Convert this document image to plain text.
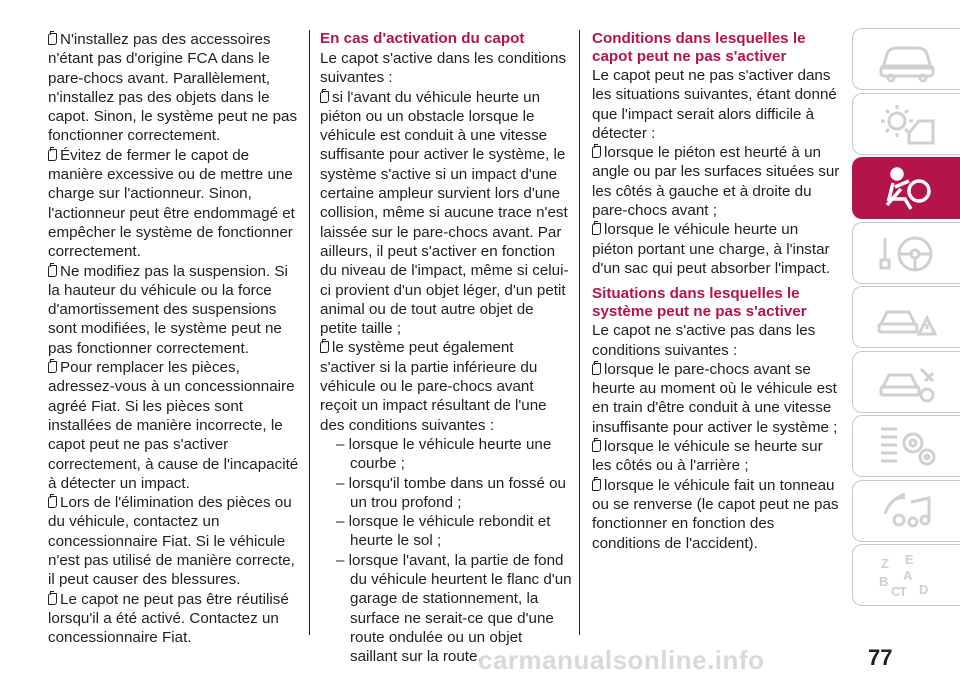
N'installez pas des accessoires n'étant pas d'origine FCA dans le pare-chocs avant. Parallèlement, n'installez pas des objets dans le capot. Sinon, le système peut ne pas fonctionner correctement.

Évitez de fermer le capot de manière excessive ou de mettre une charge sur l'actionneur. Sinon, l'actionneur peut être endommagé et empêcher le système de fonctionner correctement.

Ne modifiez pas la suspension. Si la hauteur du véhicule ou la force d'amortissement des suspensions sont modifiées, le système peut ne pas fonctionner correctement.

Pour remplacer les pièces, adressez-vous à un concessionnaire agréé Fiat. Si les pièces sont installées de manière incorrecte, le capot peut ne pas s'activer correctement, à cause de l'incapacité à détecter un impact.

Lors de l'élimination des pièces ou du véhicule, contactez un concessionnaire Fiat. Si le véhicule n'est pas utilisé de manière correcte, il peut causer des blessures.

Le capot ne peut pas être réutilisé lorsqu'il a été activé. Contactez un concessionnaire Fiat.

En cas d'activation du capot

Le capot s'active dans les conditions suivantes :

si l'avant du véhicule heurte un piéton ou un obstacle lorsque le véhicule est conduit à une vitesse suffisante pour activer le système, le système s'active si un impact d'une certaine ampleur survient lors d'une collision, même si aucune trace n'est laissée sur le pare-chocs avant. Par ailleurs, il peut s'activer en fonction du niveau de l'impact, même si celui-ci provient d'un objet léger, d'un petit animal ou de tout autre objet de petite taille ;

le système peut également s'activer si la partie inférieure du véhicule ou le pare-chocs avant reçoit un impact résultant de l'une des conditions suivantes :

– lorsque le véhicule heurte une courbe ;

– lorsqu'il tombe dans un fossé ou un trou profond ;

– lorsque le véhicule rebondit et heurte le sol ;

– lorsque l'avant, la partie de fond du véhicule heurtent le flanc d'un garage de stationnement, la surface ne serait-ce que d'une route ondulée ou un objet saillant sur la route.

Conditions dans lesquelles le capot peut ne pas s'activer

Le capot peut ne pas s'activer dans les situations suivantes, étant donné que l'impact serait alors difficile à détecter :

lorsque le piéton est heurté à un angle ou par les surfaces situées sur les côtés à gauche et à droite du pare-chocs avant ;

lorsque le véhicule heurte un piéton portant une charge, à l'instar d'un sac qui peut absorber l'impact.

Situations dans lesquelles le système peut ne pas s'activer

Le capot ne s'active pas dans les conditions suivantes :

lorsque le pare-chocs avant se heurte au moment où le véhicule est en train d'être conduit à une vitesse insuffisante pour activer le système ;

lorsque le véhicule se heurte sur les côtés ou à l'arrière ;

lorsque le véhicule fait un tonneau ou se renverse (le capot peut ne pas fonctionner en fonction des conditions de l'accident).

Z E
B A
C
T D
carmanualsonline.info	77
